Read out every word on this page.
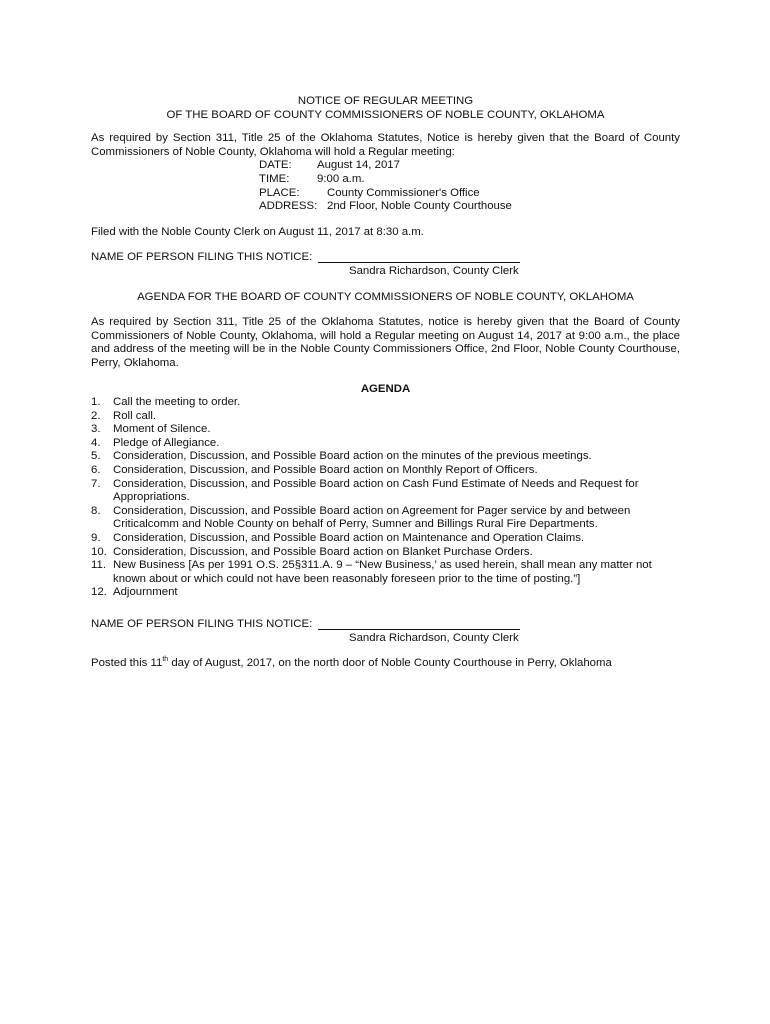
NOTICE OF REGULAR MEETING
OF THE BOARD OF COUNTY COMMISSIONERS OF NOBLE COUNTY, OKLAHOMA

As required by Section 311, Title 25 of the Oklahoma Statutes, Notice is hereby given that the Board of County Commissioners of Noble County, Oklahoma will hold a Regular meeting:

DATE:	August 14, 2017
TIME:	9:00 a.m.
PLACE:	County Commissioner's Office
ADDRESS: 2nd Floor, Noble County Courthouse
Filed with the Noble County Clerk on August 11, 2017 at 8:30 a.m.
NAME OF PERSON FILING THIS NOTICE:
Sandra Richardson, County Clerk
AGENDA FOR THE BOARD OF COUNTY COMMISSIONERS OF NOBLE COUNTY, OKLAHOMA

As required by Section 311, Title 25 of the Oklahoma Statutes, notice is hereby given that the Board of County Commissioners of Noble County, Oklahoma, will hold a Regular meeting on August 14, 2017 at 9:00 a.m., the place and address of the meeting will be in the Noble County Commissioners Office, 2nd Floor, Noble County Courthouse, Perry, Oklahoma.

AGENDA
1.	Call the meeting to order.
2.	Roll call.
3.	Moment of Silence.
4.	Pledge of Allegiance.
5.	Consideration, Discussion, and Possible Board action on the minutes of the previous meetings.
6.	Consideration, Discussion, and Possible Board action on Monthly Report of Officers.
7.	Consideration, Discussion, and Possible Board action on Cash Fund Estimate of Needs and Request for Appropriations.
8.	Consideration, Discussion, and Possible Board action on Agreement for Pager service by and between Criticalcomm and Noble County on behalf of Perry, Sumner and Billings Rural Fire Departments.
9.	Consideration, Discussion, and Possible Board action on Maintenance and Operation Claims.
10. Consideration, Discussion, and Possible Board action on Blanket Purchase Orders.
11. New Business [As per 1991 O.S. 25§311.A. 9 – “New Business,’ as used herein, shall mean any matter not known about or which could not have been reasonably foreseen prior to the time of posting.”]
12. Adjournment
NAME OF PERSON FILING THIS NOTICE:
Sandra Richardson, County Clerk
Posted this 11th day of August, 2017, on the north door of Noble County Courthouse in Perry, Oklahoma
